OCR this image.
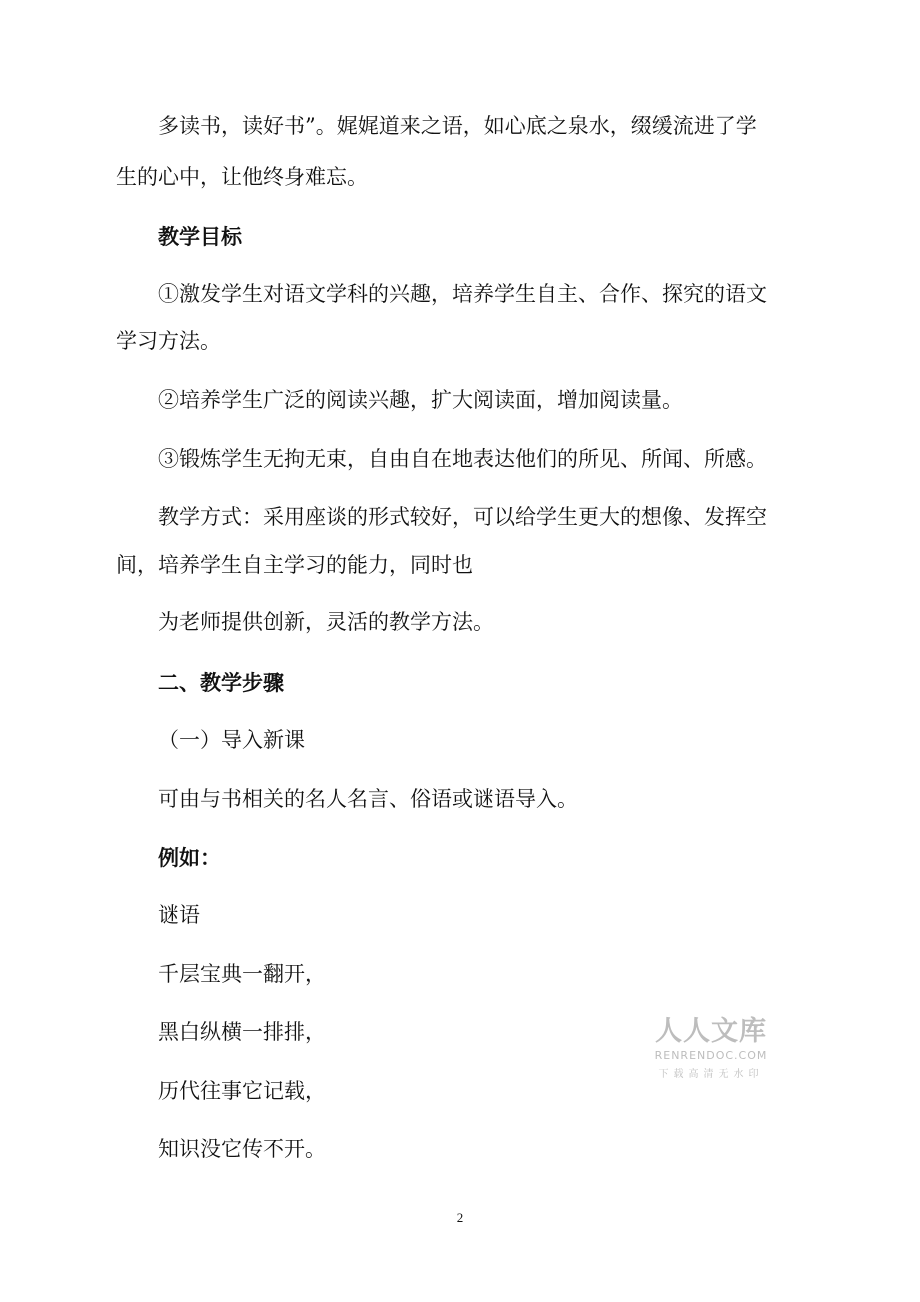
多读书，读好书”。娓娓道来之语，如心底之泉水，缀缓流进了学
生的心中，让他终身难忘。
教学目标
①激发学生对语文学科的兴趣，培养学生自主、合作、探究的语文
学习方法。
②培养学生广泛的阅读兴趣，扩大阅读面，增加阅读量。
③锻炼学生无拘无束，自由自在地表达他们的所见、所闻、所感。
教学方式：采用座谈的形式较好，可以给学生更大的想像、发挥空
间，培养学生自主学习的能力，同时也
为老师提供创新，灵活的教学方法。
二、教学步骤
（一）导入新课
可由与书相关的名人名言、俗语或谜语导入。
例如：
谜语
千层宝典一翻开，
黑白纵横一排排，
历代往事它记载，
知识没它传不开。
人人文库
RENRENDOC.COM
下载高清无水印
2
